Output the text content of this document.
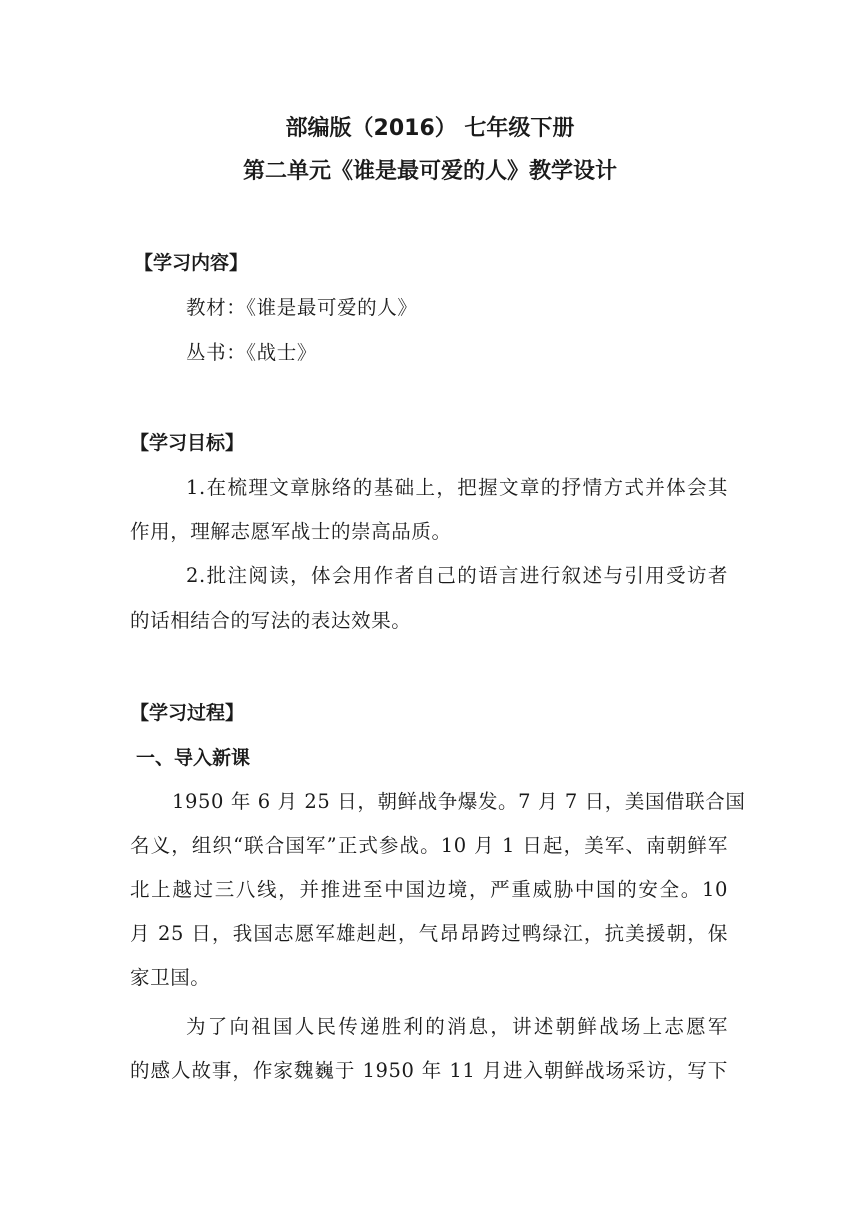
部编版（2016） 七年级下册
第二单元《谁是最可爱的人》教学设计
【学习内容】
教材：《谁是最可爱的人》
丛书：《战士》
【学习目标】
1.在梳理文章脉络的基础上，把握文章的抒情方式并体会其
作用，理解志愿军战士的崇高品质。
2.批注阅读，体会用作者自己的语言进行叙述与引用受访者
的话相结合的写法的表达效果。
【学习过程】
一、导入新课
1950 年 6 月 25 日，朝鲜战争爆发。7 月 7 日，美国借联合国
名义，组织“联合国军”正式参战。10 月 1 日起，美军、南朝鲜军
北上越过三八线，并推进至中国边境，严重威胁中国的安全。10
月 25 日，我国志愿军雄赳赳，气昂昂跨过鸭绿江，抗美援朝，保
家卫国。
为了向祖国人民传递胜利的消息，讲述朝鲜战场上志愿军
的感人故事，作家魏巍于 1950 年 11 月进入朝鲜战场采访，写下
